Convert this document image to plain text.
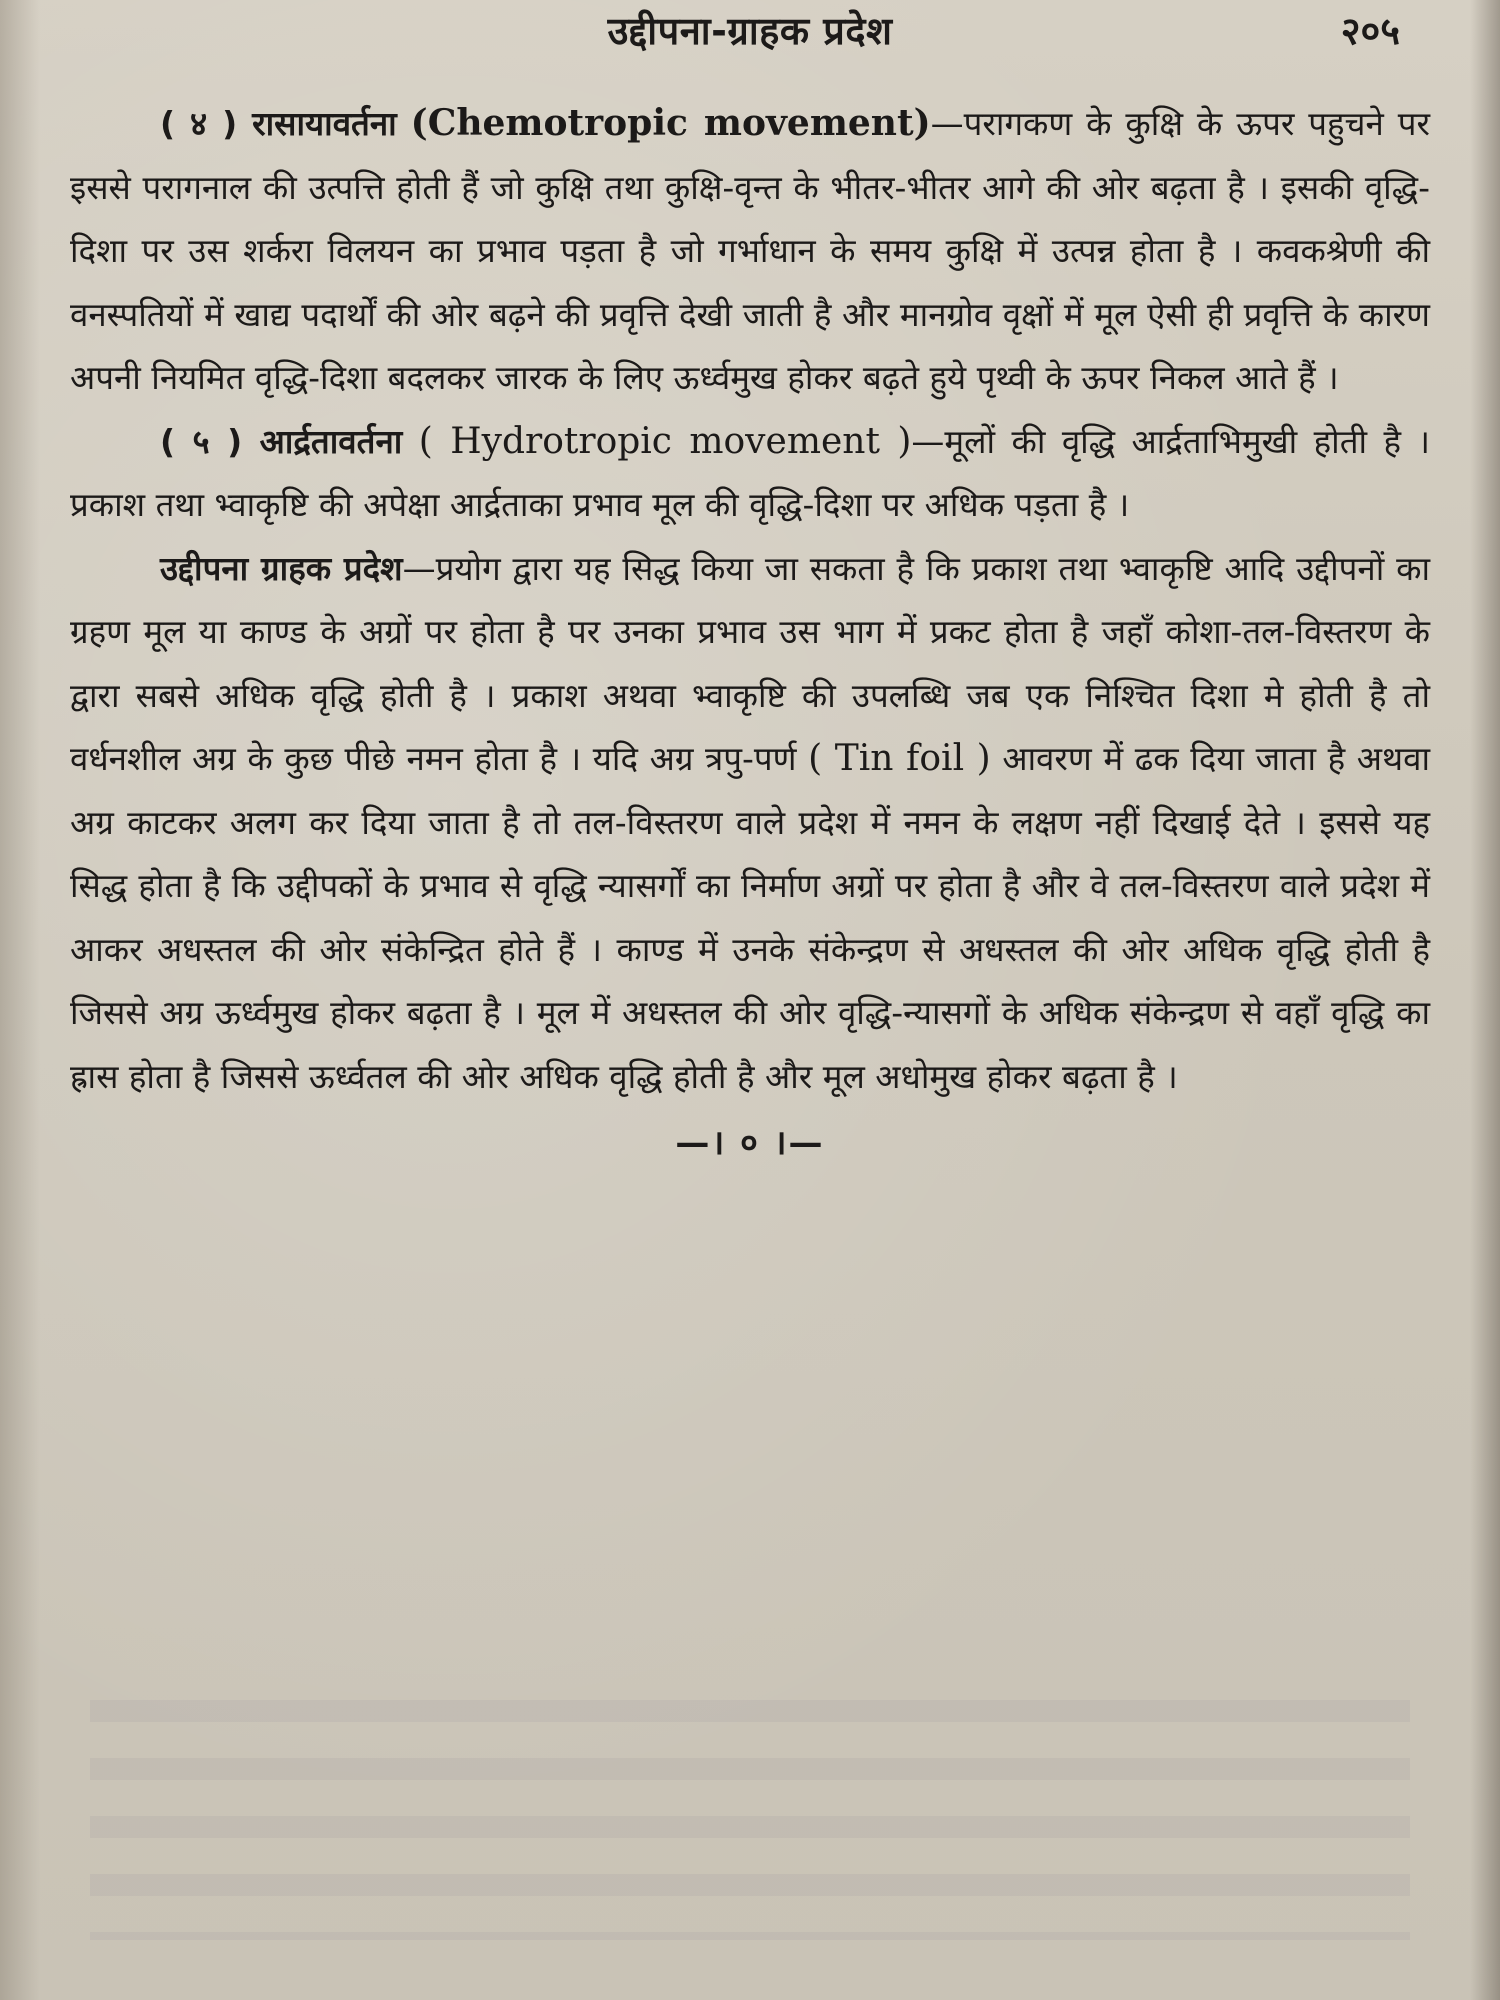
उद्दीपना-ग्राहक प्रदेश	२०५

( ४ ) रासायावर्तना (Chemotropic movement)—परागकण के कुक्षि के ऊपर पहुचने पर इससे परागनाल की उत्पत्ति होती हैं जो कुक्षि तथा कुक्षि-वृन्त के भीतर-भीतर आगे की ओर बढ़ता है । इसकी वृद्धि-दिशा पर उस शर्करा विलयन का प्रभाव पड़ता है जो गर्भाधान के समय कुक्षि में उत्पन्न होता है । कवकश्रेणी की वनस्पतियों में खाद्य पदार्थों की ओर बढ़ने की प्रवृत्ति देखी जाती है और मानग्रोव वृक्षों में मूल ऐसी ही प्रवृत्ति के कारण अपनी नियमित वृद्धि-दिशा बदलकर जारक के लिए ऊर्ध्वमुख होकर बढ़ते हुये पृथ्वी के ऊपर निकल आते हैं ।

( ५ ) आर्द्रतावर्तना ( Hydrotropic movement )—मूलों की वृद्धि आर्द्रताभिमुखी होती है । प्रकाश तथा भ्वाकृष्टि की अपेक्षा आर्द्रताका प्रभाव मूल की वृद्धि-दिशा पर अधिक पड़ता है ।

उद्दीपना ग्राहक प्रदेश—प्रयोग द्वारा यह सिद्ध किया जा सकता है कि प्रकाश तथा भ्वाकृष्टि आदि उद्दीपनों का ग्रहण मूल या काण्ड के अग्रों पर होता है पर उनका प्रभाव उस भाग में प्रकट होता है जहाँ कोशा-तल-विस्तरण के द्वारा सबसे अधिक वृद्धि होती है । प्रकाश अथवा भ्वाकृष्टि की उपलब्धि जब एक निश्चित दिशा मे होती है तो वर्धनशील अग्र के कुछ पीछे नमन होता है । यदि अग्र त्रपु-पर्ण ( Tin foil ) आवरण में ढक दिया जाता है अथवा अग्र काटकर अलग कर दिया जाता है तो तल-विस्तरण वाले प्रदेश में नमन के लक्षण नहीं दिखाई देते । इससे यह सिद्ध होता है कि उद्दीपकों के प्रभाव से वृद्धि न्यासर्गों का निर्माण अग्रों पर होता है और वे तल-विस्तरण वाले प्रदेश में आकर अधस्तल की ओर संकेन्द्रित होते हैं । काण्ड में उनके संकेन्द्रण से अधस्तल की ओर अधिक वृद्धि होती है जिससे अग्र ऊर्ध्वमुख होकर बढ़ता है । मूल में अधस्तल की ओर वृद्धि-न्यासगों के अधिक संकेन्द्रण से वहाँ वृद्धि का ह्रास होता है जिससे ऊर्ध्वतल की ओर अधिक वृद्धि होती है और मूल अधोमुख होकर बढ़ता है ।

—। ० ।—
